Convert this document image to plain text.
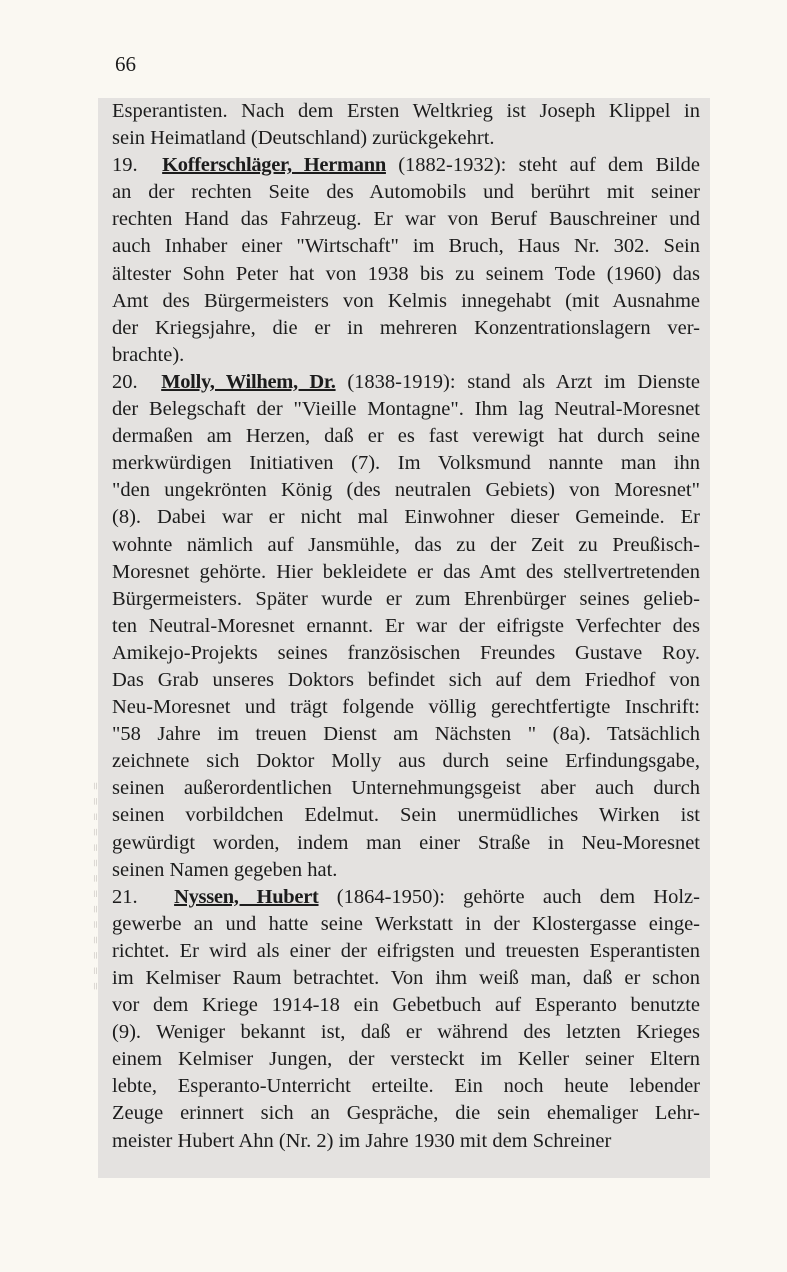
66

Esperantisten. Nach dem Ersten Weltkrieg ist Joseph Klippel in
sein Heimatland (Deutschland) zurückgekehrt.

19. Kofferschläger, Hermann (1882-1932): steht auf dem Bilde
an der rechten Seite des Automobils und berührt mit seiner
rechten Hand das Fahrzeug. Er war von Beruf Bauschreiner und
auch Inhaber einer "Wirtschaft" im Bruch, Haus Nr. 302. Sein
ältester Sohn Peter hat von 1938 bis zu seinem Tode (1960) das
Amt des Bürgermeisters von Kelmis innegehabt (mit Ausnahme
der Kriegsjahre, die er in mehreren Konzentrationslagern ver-
brachte).

20. Molly, Wilhem, Dr. (1838-1919): stand als Arzt im Dienste
der Belegschaft der "Vieille Montagne". Ihm lag Neutral-Moresnet
dermaßen am Herzen, daß er es fast verewigt hat durch seine
merkwürdigen Initiativen (7). Im Volksmund nannte man ihn
"den ungekrönten König (des neutralen Gebiets) von Moresnet"
(8). Dabei war er nicht mal Einwohner dieser Gemeinde. Er
wohnte nämlich auf Jansmühle, das zu der Zeit zu Preußisch-
Moresnet gehörte. Hier bekleidete er das Amt des stellvertretenden
Bürgermeisters. Später wurde er zum Ehrenbürger seines gelieb-
ten Neutral-Moresnet ernannt. Er war der eifrigste Verfechter des
Amikejo-Projekts seines französischen Freundes Gustave Roy.
Das Grab unseres Doktors befindet sich auf dem Friedhof von
Neu-Moresnet und trägt folgende völlig gerechtfertigte Inschrift:
"58 Jahre im treuen Dienst am Nächsten " (8a). Tatsächlich
zeichnete sich Doktor Molly aus durch seine Erfindungsgabe,
seinen außerordentlichen Unternehmungsgeist aber auch durch
seinen vorbildchen Edelmut. Sein unermüdliches Wirken ist
gewürdigt worden, indem man einer Straße in Neu-Moresnet
seinen Namen gegeben hat.

21. Nyssen, Hubert (1864-1950): gehörte auch dem Holz-
gewerbe an und hatte seine Werkstatt in der Klostergasse einge-
richtet. Er wird als einer der eifrigsten und treuesten Esperantisten
im Kelmiser Raum betrachtet. Von ihm weiß man, daß er schon
vor dem Kriege 1914-18 ein Gebetbuch auf Esperanto benutzte
(9). Weniger bekannt ist, daß er während des letzten Krieges
einem Kelmiser Jungen, der versteckt im Keller seiner Eltern
lebte, Esperanto-Unterricht erteilte. Ein noch heute lebender
Zeuge erinnert sich an Gespräche, die sein ehemaliger Lehr-
meister Hubert Ahn (Nr. 2) im Jahre 1930 mit dem Schreiner
